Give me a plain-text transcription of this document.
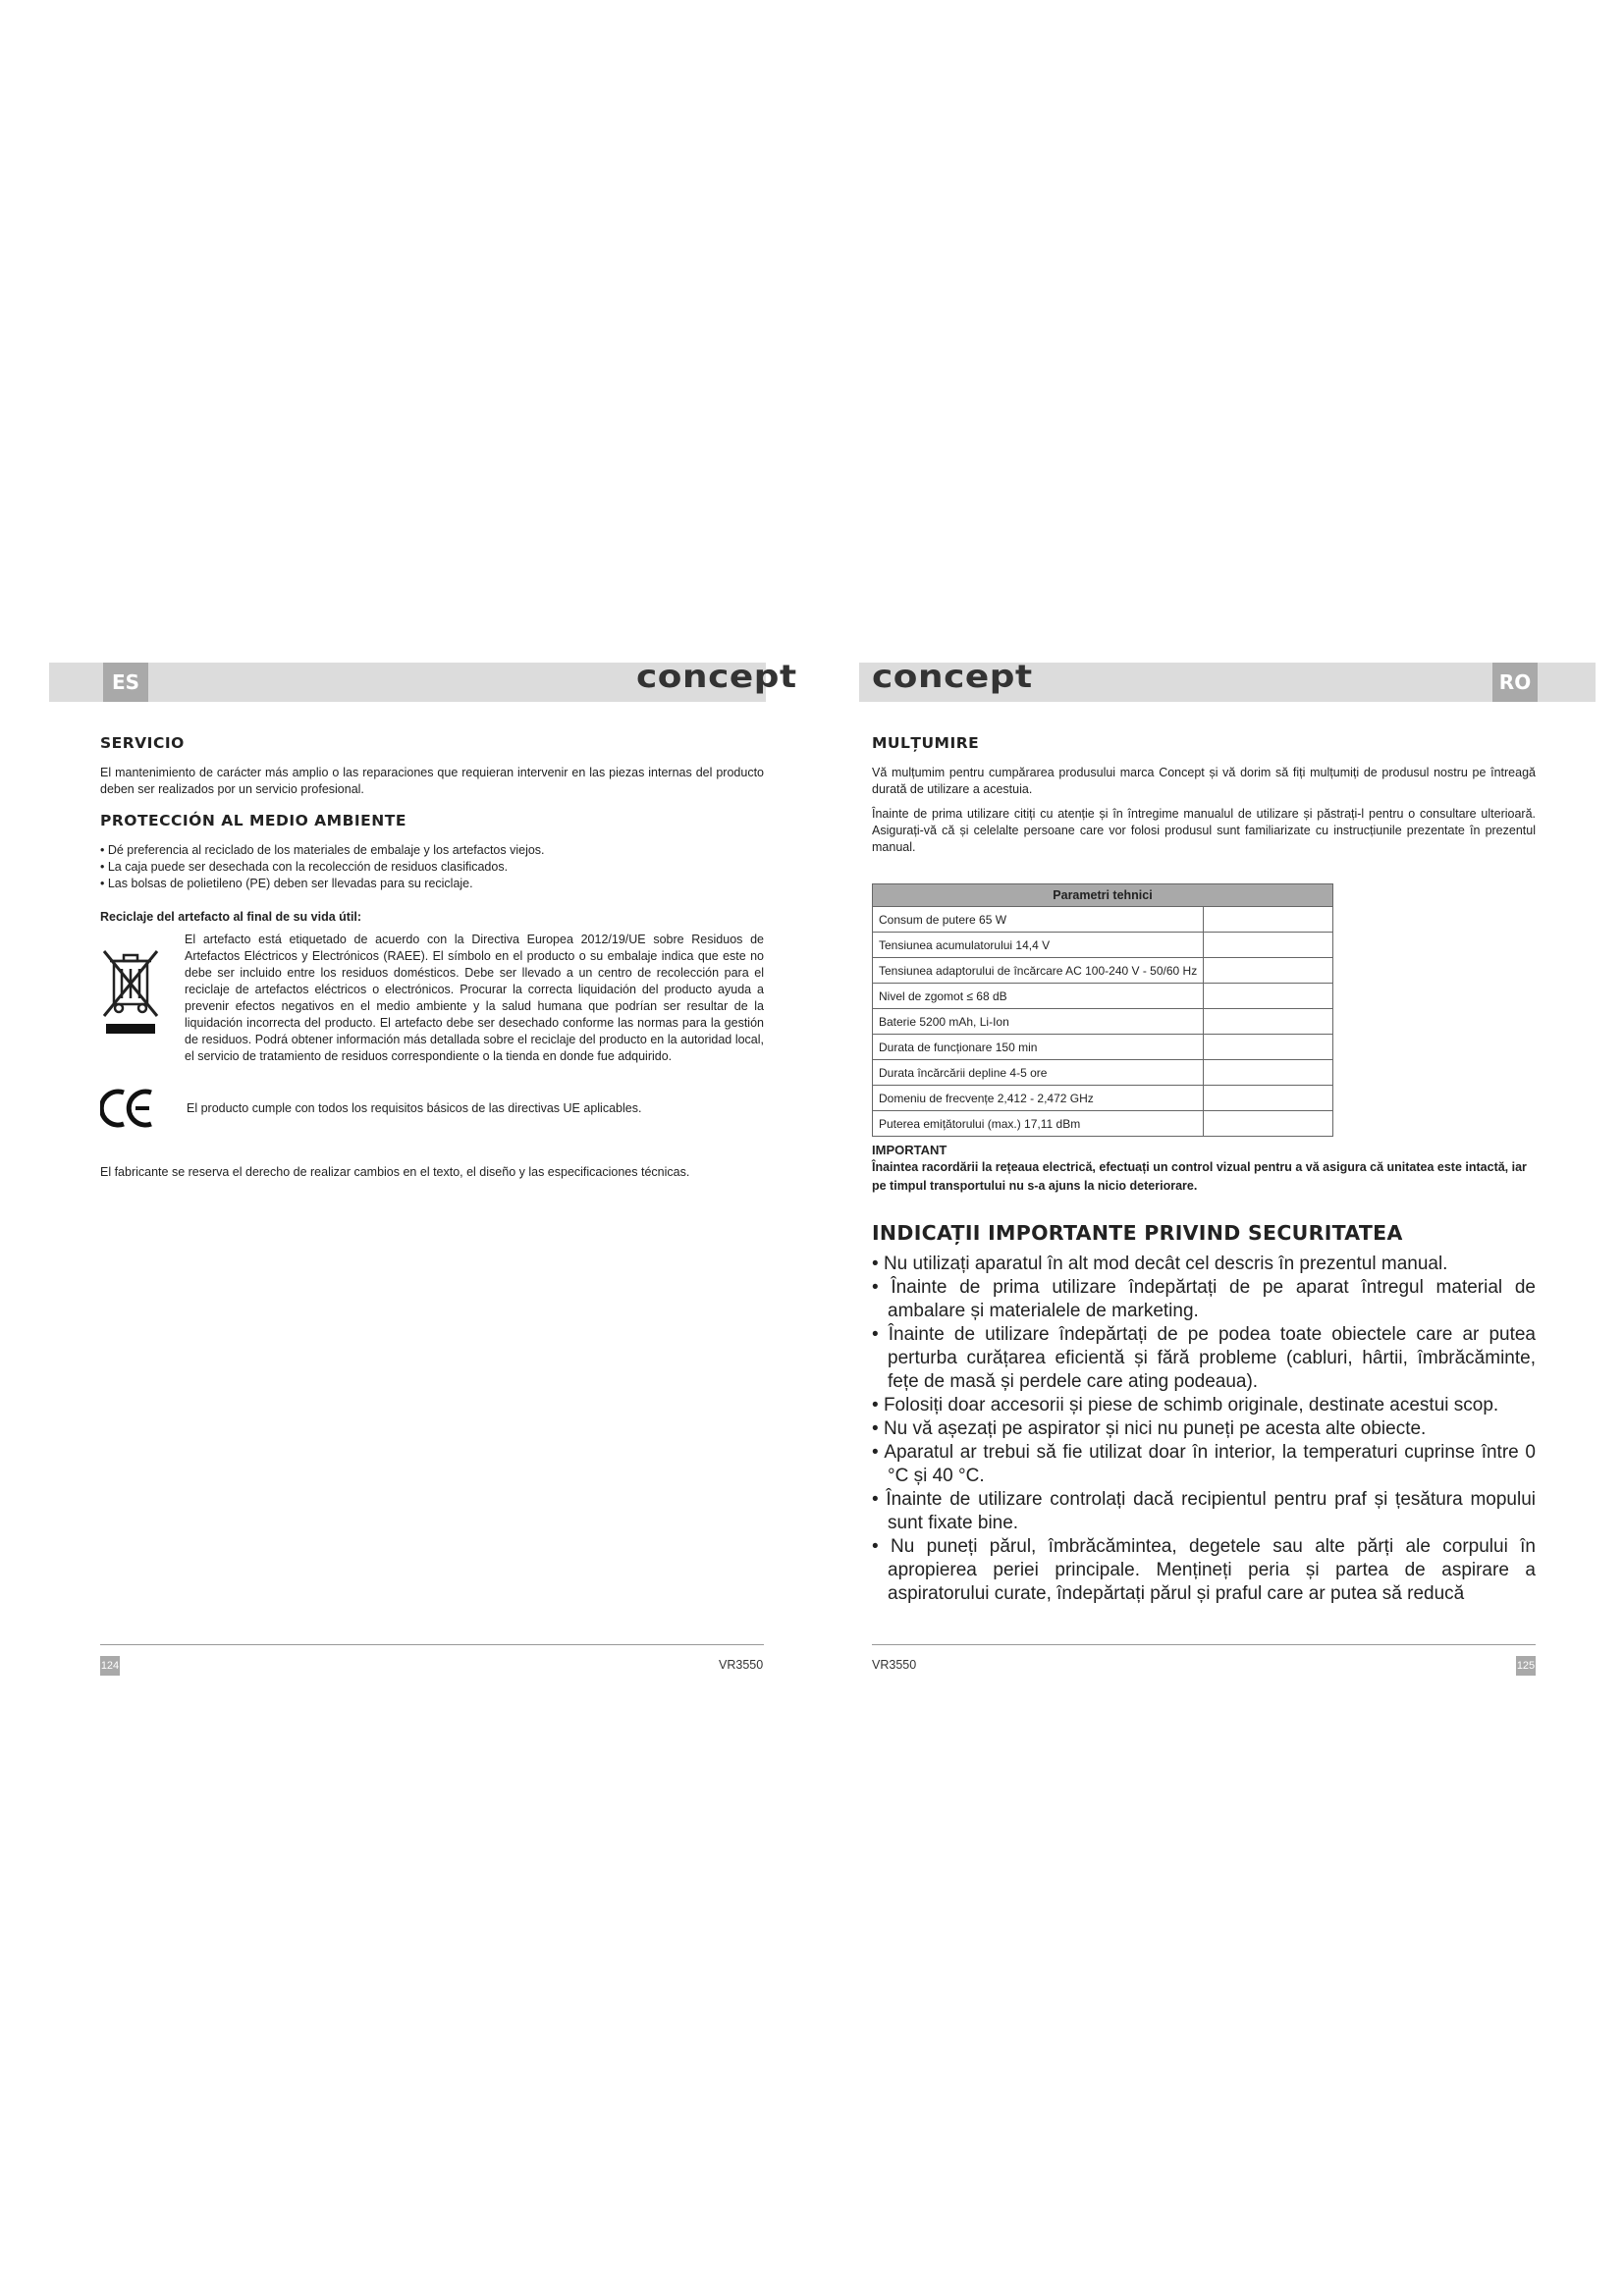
ES	RO
concept concept
SERVICIO

El mantenimiento de carácter más amplio o las reparaciones que requieran intervenir en las piezas internas del producto deben ser realizados por un servicio profesional.

PROTECCIÓN AL MEDIO AMBIENTE
• Dé preferencia al reciclado de los materiales de embalaje y los artefactos viejos.
• La caja puede ser desechada con la recolección de residuos clasificados.
• Las bolsas de polietileno (PE) deben ser llevadas para su reciclaje.
Reciclaje del artefacto al final de su vida útil:

El artefacto está etiquetado de acuerdo con la Directiva Europea 2012/19/UE sobre Residuos de Artefactos Eléctricos y Electrónicos (RAEE). El símbolo en el producto o su embalaje indica que este no debe ser incluido entre los residuos domésticos. Debe ser llevado a un centro de recolección para el reciclaje de artefactos eléctricos o electrónicos. Procurar la correcta liquidación del producto ayuda a prevenir efectos negativos en el medio ambiente y la salud humana que podrían ser resultar de la liquidación incorrecta del producto. El artefacto debe ser desechado conforme las normas para la gestión de residuos. Podrá obtener información más detallada sobre el reciclaje del producto en la autoridad local, el servicio de tratamiento de residuos correspondiente o la tienda en donde fue adquirido.

El producto cumple con todos los requisitos básicos de las directivas UE aplicables.

El fabricante se reserva el derecho de realizar cambios en el texto, el diseño y las especificaciones técnicas.
MULȚUMIRE

Vă mulțumim pentru cumpărarea produsului marca Concept și vă dorim să fiți mulțumiți de produsul nostru pe întreagă durată de utilizare a acestuia.

Înainte de prima utilizare citiți cu atenție și în întregime manualul de utilizare și păstrați-l pentru o consultare ulterioară. Asigurați-vă că și celelalte persoane care vor folosi produsul sunt familiarizate cu instrucțiunile prezentate în prezentul manual.

Parametri tehnici	
Consum de putere 65 W	
Tensiunea acumulatorului 14,4 V	
Tensiunea adaptorului de încărcare AC 100-240 V - 50/60 Hz	
Nivel de zgomot ≤ 68 dB	
Baterie 5200 mAh, Li-Ion	
Durata de funcționare 150 min	
Durata încărcării depline 4-5 ore	
Domeniu de frecvențe 2,412 - 2,472 GHz	
Puterea emițătorului (max.) 17,11 dBm	
IMPORTANT

Înaintea racordării la rețeaua electrică, efectuați un control vizual pentru a vă asigura că unitatea este intactă, iar pe timpul transportului nu s-a ajuns la nicio deteriorare.

INDICAȚII IMPORTANTE PRIVIND SECURITATEA
• Nu utilizați aparatul în alt mod decât cel descris în prezentul manual.
• Înainte de prima utilizare îndepărtați de pe aparat întregul material de ambalare și materialele de marketing.
• Înainte de utilizare îndepărtați de pe podea toate obiectele care ar putea perturba curățarea eficientă și fără probleme (cabluri, hârtii, îmbrăcăminte, fețe de masă și perdele care ating podeaua).
• Folosiți doar accesorii și piese de schimb originale, destinate acestui scop.
• Nu vă așezați pe aspirator și nici nu puneți pe acesta alte obiecte.
• Aparatul ar trebui să fie utilizat doar în interior, la temperaturi cuprinse între 0 °C și 40 °C.
• Înainte de utilizare controlați dacă recipientul pentru praf și țesătura mopului sunt fixate bine.
• Nu puneți părul, îmbrăcămintea, degetele sau alte părți ale corpului în apropierea periei principale. Mențineți peria și partea de aspirare a aspiratorului curate, îndepărtați părul și praful care ar putea să reducă
124	VR3550	VR3550	125
